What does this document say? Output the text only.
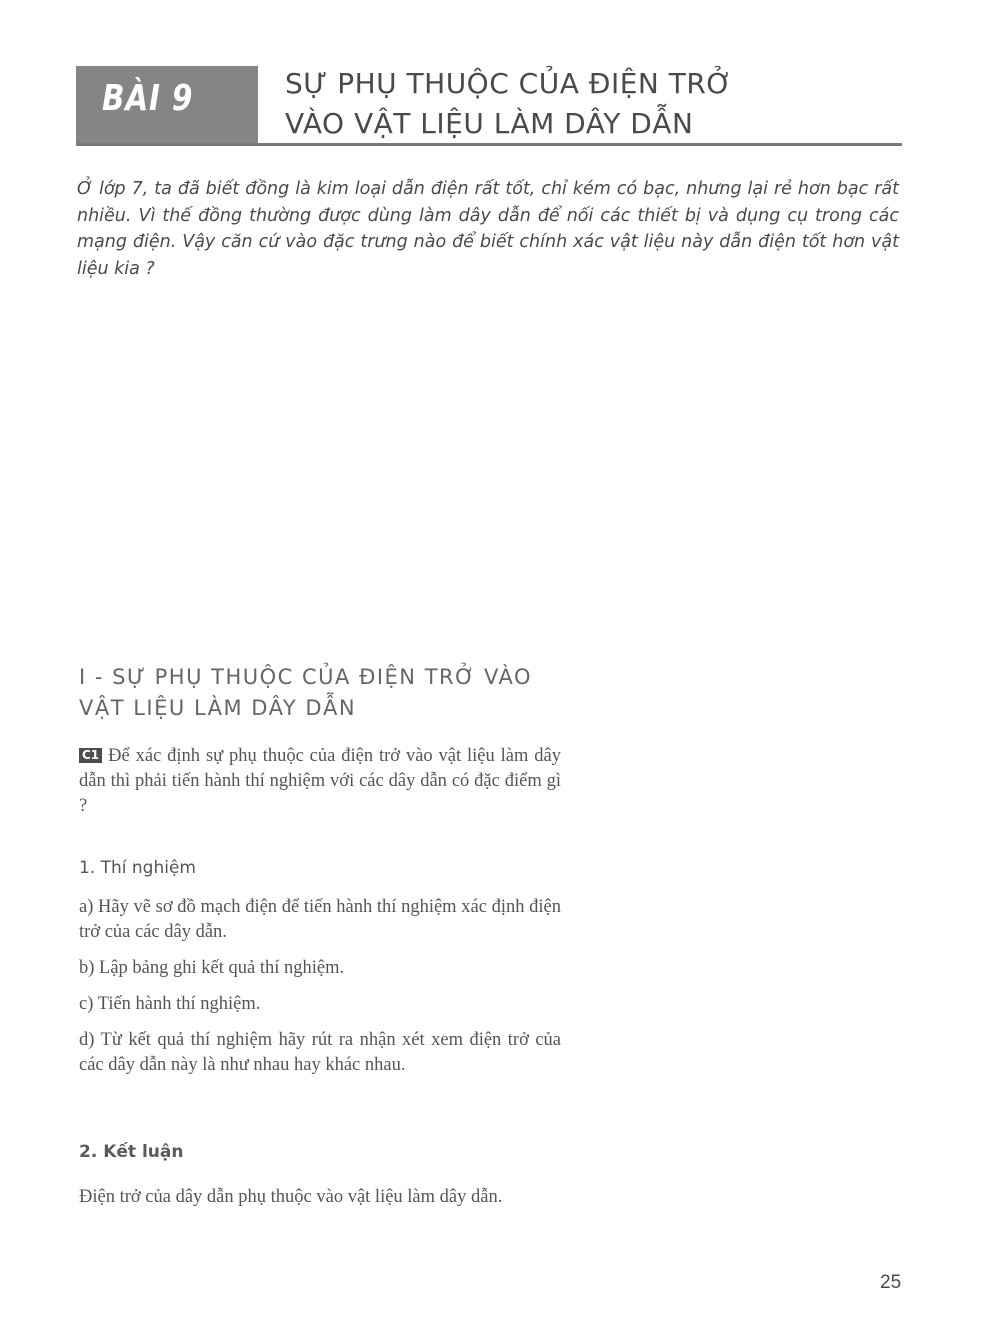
BÀI 9	SỰ PHỤ THUỘC CỦA ĐIỆN TRỞ
VÀO VẬT LIỆU LÀM DÂY DẪN

Ở lớp 7, ta đã biết đồng là kim loại dẫn điện rất tốt, chỉ kém có bạc, nhưng lại rẻ hơn bạc rất nhiều. Vì thế đồng thường được dùng làm dây dẫn để nối các thiết bị và dụng cụ trong các mạng điện. Vậy căn cứ vào đặc trưng nào để biết chính xác vật liệu này dẫn điện tốt hơn vật liệu kia ?

I - SỰ PHỤ THUỘC CỦA ĐIỆN TRỞ VÀO
VẬT LIỆU LÀM DÂY DẪN

C1 Để xác định sự phụ thuộc của điện trở vào vật liệu làm dây dẫn thì phải tiến hành thí nghiệm với các dây dẫn có đặc điểm gì ?

1. Thí nghiệm

a) Hãy vẽ sơ đồ mạch điện để tiến hành thí nghiệm xác định điện trở của các dây dẫn.

b) Lập bảng ghi kết quả thí nghiệm.

c) Tiến hành thí nghiệm.

d) Từ kết quả thí nghiệm hãy rút ra nhận xét xem điện trở của các dây dẫn này là như nhau hay khác nhau.

2. Kết luận

Điện trở của dây dẫn phụ thuộc vào vật liệu làm dây dẫn.

25
